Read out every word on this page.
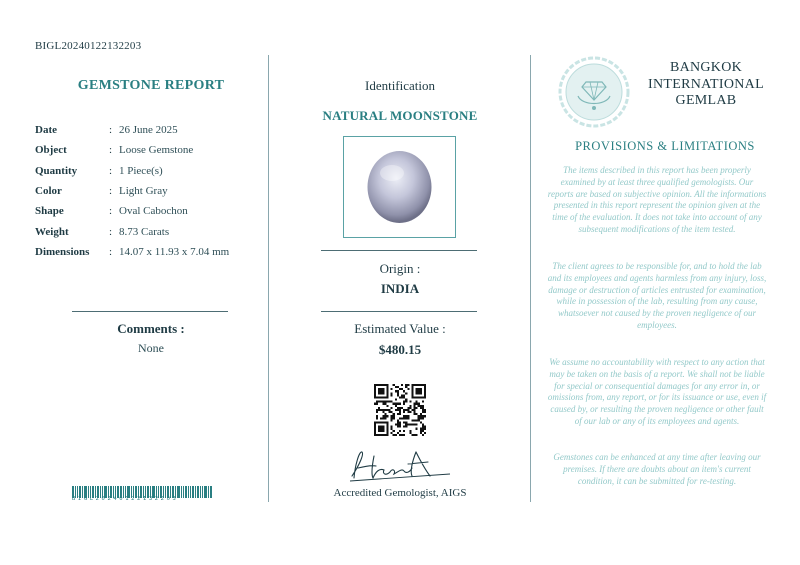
BIGL20240122132203
GEMSTONE REPORT
Date	: 26 June 2025
Object	: Loose Gemstone
Quantity	: 1 Piece(s)
Color	: Light Gray
Shape	: Oval Cabochon
Weight	: 8.73 Carats
Dimensions	: 14.07 x 11.93 x 7.04 mm
Comments :
None
BIGL20240122132203
Identification
NATURAL MOONSTONE
Origin :
INDIA
Estimated Value :
$480.15
Accredited Gemologist, AIGS
BANGKOK
INTERNATIONAL
GEMLAB
PROVISIONS & LIMITATIONS
The items described in this report has been properly examined by at least three qualified gemologists. Our reports are based on subjective opinion. All the informations presented in this report represent the opinion given at the time of the evaluation. It does not take into account of any subsequent modifications of the item tested.
The client agrees to be responsible for, and to hold the lab and its employees and agents harmless from any injury, loss, damage or destruction of articles entrusted for examination, while in possession of the lab, resulting from any cause, whatsoever not caused by the proven negligence of our employees.
We assume no accountability with respect to any action that may be taken on the basis of a report. We shall not be liable for special or consequential damages for any error in, or omissions from, any report, or for its issuance or use, even if caused by, or resulting the proven negligence or other fault of our lab or any of its employees and agents.
Gemstones can be enhanced at any time after leaving our premises. If there are doubts about an item's current condition, it can be submitted for re-testing.
